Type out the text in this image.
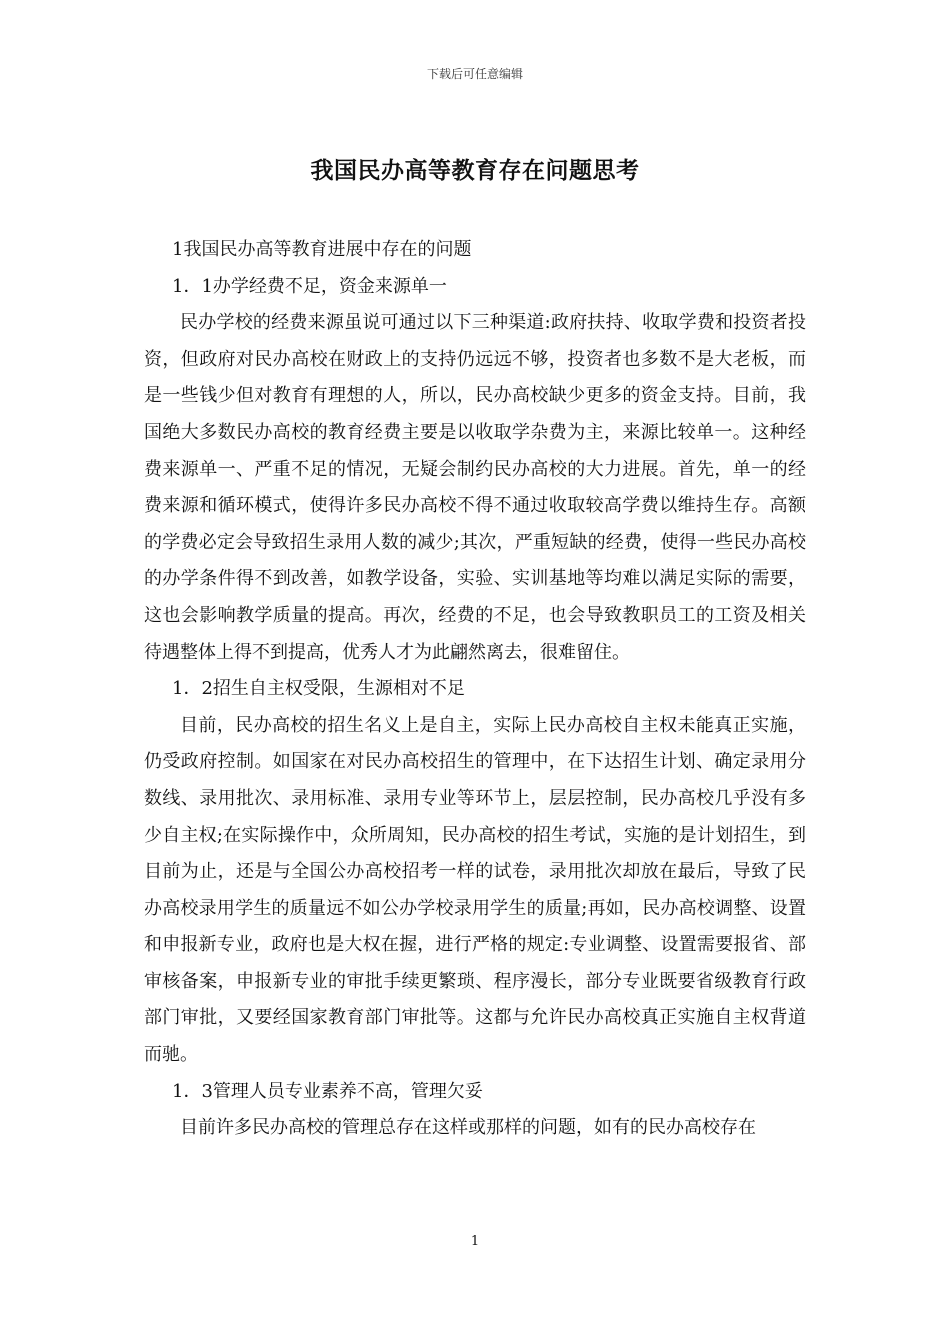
下载后可任意编辑
我国民办高等教育存在问题思考

1我国民办高等教育进展中存在的问题

1．1办学经费不足，资金来源单一

民办学校的经费来源虽说可通过以下三种渠道:政府扶持、收取学费和投资者投资，但政府对民办高校在财政上的支持仍远远不够，投资者也多数不是大老板，而是一些钱少但对教育有理想的人，所以，民办高校缺少更多的资金支持。目前，我国绝大多数民办高校的教育经费主要是以收取学杂费为主，来源比较单一。这种经费来源单一、严重不足的情况，无疑会制约民办高校的大力进展。首先，单一的经费来源和循环模式，使得许多民办高校不得不通过收取较高学费以维持生存。高额的学费必定会导致招生录用人数的减少;其次，严重短缺的经费，使得一些民办高校的办学条件得不到改善，如教学设备，实验、实训基地等均难以满足实际的需要，这也会影响教学质量的提高。再次，经费的不足，也会导致教职员工的工资及相关待遇整体上得不到提高，优秀人才为此翩然离去，很难留住。

1．2招生自主权受限，生源相对不足

目前，民办高校的招生名义上是自主，实际上民办高校自主权未能真正实施，仍受政府控制。如国家在对民办高校招生的管理中，在下达招生计划、确定录用分数线、录用批次、录用标准、录用专业等环节上，层层控制，民办高校几乎没有多少自主权;在实际操作中，众所周知，民办高校的招生考试，实施的是计划招生，到目前为止，还是与全国公办高校招考一样的试卷，录用批次却放在最后，导致了民办高校录用学生的质量远不如公办学校录用学生的质量;再如，民办高校调整、设置和申报新专业，政府也是大权在握，进行严格的规定:专业调整、设置需要报省、部审核备案，申报新专业的审批手续更繁琐、程序漫长，部分专业既要省级教育行政部门审批，又要经国家教育部门审批等。这都与允许民办高校真正实施自主权背道而驰。

1．3管理人员专业素养不高，管理欠妥

目前许多民办高校的管理总存在这样或那样的问题，如有的民办高校存在

1
